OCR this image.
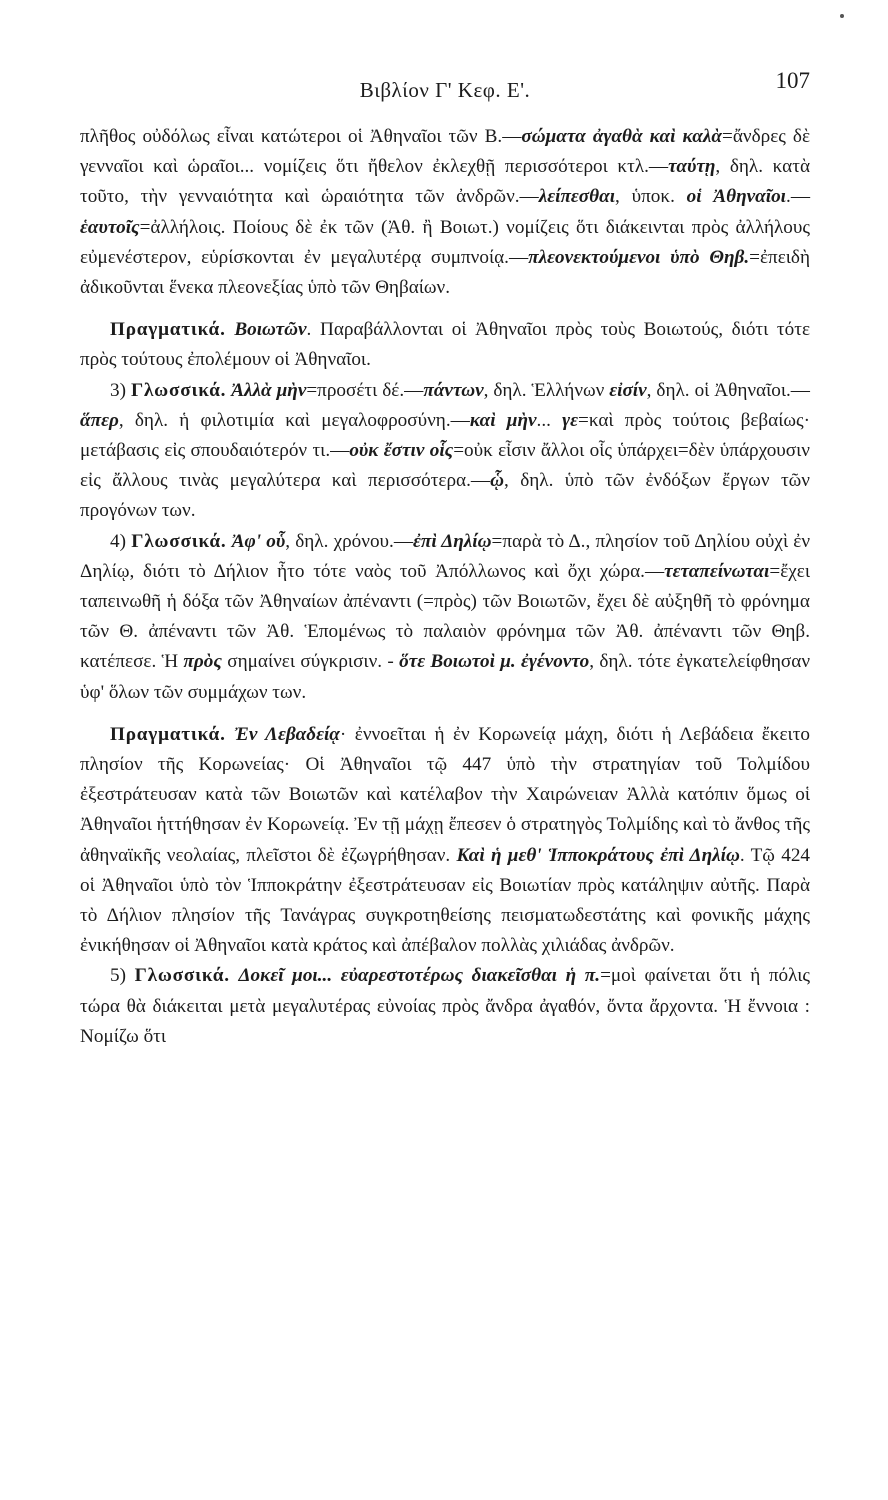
Βιβλίον Γ' Κεφ. Ε'.	107

πλῆθος οὐδόλως εἶναι κατώτεροι οἱ Ἀθηναῖοι τῶν Β.—σώματα ἀγαθὰ καὶ καλὰ=ἄνδρες δὲ γενναῖοι καὶ ὡραῖοι... νομίζεις ὅτι ἤθελον ἐκλεχθῇ περισσότεροι κτλ.—ταύτῃ, δηλ. κατὰ τοῦτο, τὴν γενναιότητα καὶ ὡραιότητα τῶν ἀνδρῶν.—λείπεσθαι, ὑποκ. οἱ Ἀθηναῖοι.—ἑαυτοῖς=ἀλλήλοις. Ποίους δὲ ἐκ τῶν (Ἀθ. ἢ Βοιωτ.) νομίζεις ὅτι διάκεινται πρὸς ἀλλήλους εὐμενέστερον, εὑρίσκονται ἐν μεγαλυτέρᾳ συμπνοίᾳ.—πλεονεκτούμενοι ὑπὸ Θηβ.=ἐπειδὴ ἀδικοῦνται ἕνεκα πλεονεξίας ὑπὸ τῶν Θηβαίων.

Πραγματικά. Βοιωτῶν. Παραβάλλονται οἱ Ἀθηναῖοι πρὸς τοὺς Βοιωτούς, διότι τότε πρὸς τούτους ἐπολέμουν οἱ Ἀθηναῖοι.

3) Γλωσσικά. Ἀλλὰ μὴν=προσέτι δέ.—πάντων, δηλ. Ἑλλήνων εἰσίν, δηλ. οἱ Ἀθηναῖοι.—ἅπερ, δηλ. ἡ φιλοτιμία καὶ μεγαλοφροσύνη.—καὶ μὴν... γε=καὶ πρὸς τούτοις βεβαίως· μετάβασις εἰς σπουδαιότερόν τι.—οὐκ ἔστιν οἷς=οὐκ εἶσιν ἄλλοι οἷς ὑπάρχει=δὲν ὑπάρχουσιν εἰς ἄλλους τινὰς μεγαλύτερα καὶ περισσότερα.—ᾧ, δηλ. ὑπὸ τῶν ἐνδόξων ἔργων τῶν προγόνων των.

4) Γλωσσικά. Ἀφ' οὗ, δηλ. χρόνου.—ἐπὶ Δηλίῳ=παρὰ τὸ Δ., πλησίον τοῦ Δηλίου οὐχὶ ἐν Δηλίῳ, διότι τὸ Δήλιον ἦτο τότε ναὸς τοῦ Ἀπόλλωνος καὶ ὄχι χώρα.—τεταπείνωται=ἔχει ταπεινωθῆ ἡ δόξα τῶν Ἀθηναίων ἀπέναντι (=πρὸς) τῶν Βοιωτῶν, ἔχει δὲ αὐξηθῆ τὸ φρόνημα τῶν Θ. ἀπέναντι τῶν Ἀθ. Ἑπομένως τὸ παλαιὸν φρόνημα τῶν Ἀθ. ἀπέναντι τῶν Θηβ. κατέπεσε. Ἡ πρὸς σημαίνει σύγκρισιν. - ὅτε Βοιωτοὶ μ. ἐγένοντο, δηλ. τότε ἐγκατελείφθησαν ὑφ' ὅλων τῶν συμμάχων των.

Πραγματικά. Ἐν Λεβαδείᾳ· ἐννοεῖται ἡ ἐν Κορωνείᾳ μάχη, διότι ἡ Λεβάδεια ἔκειτο πλησίον τῆς Κορωνείας· Οἱ Ἀθηναῖοι τῷ 447 ὑπὸ τὴν στρατηγίαν τοῦ Τολμίδου ἐξεστράτευσαν κατὰ τῶν Βοιωτῶν καὶ κατέλαβον τὴν Χαιρώνειαν Ἀλλὰ κατόπιν ὅμως οἱ Ἀθηναῖοι ἡττήθησαν ἐν Κορωνείᾳ. Ἐν τῇ μάχῃ ἔπεσεν ὁ στρατηγὸς Τολμίδης καὶ τὸ ἄνθος τῆς ἀθηναϊκῆς νεολαίας, πλεῖστοι δὲ ἐζωγρήθησαν. Καὶ ἡ μεθ' Ἱπποκράτους ἐπὶ Δηλίῳ. Τῷ 424 οἱ Ἀθηναῖοι ὑπὸ τὸν Ἱπποκράτην ἐξεστράτευσαν εἰς Βοιωτίαν πρὸς κατάληψιν αὐτῆς. Παρὰ τὸ Δήλιον πλησίον τῆς Τανάγρας συγκροτηθείσης πεισματωδεστάτης καὶ φονικῆς μάχης ἐνικήθησαν οἱ Ἀθηναῖοι κατὰ κράτος καὶ ἀπέβαλον πολλὰς χιλιάδας ἀνδρῶν.

5) Γλωσσικά. Δοκεῖ μοι... εὐαρεστοτέρως διακεῖσθαι ἡ π.=μοὶ φαίνεται ὅτι ἡ πόλις τώρα θὰ διάκειται μετὰ μεγαλυτέρας εὐνοίας πρὸς ἄνδρα ἀγαθόν, ὄντα ἄρχοντα. Ἡ ἔννοια : Νομίζω ὅτι
